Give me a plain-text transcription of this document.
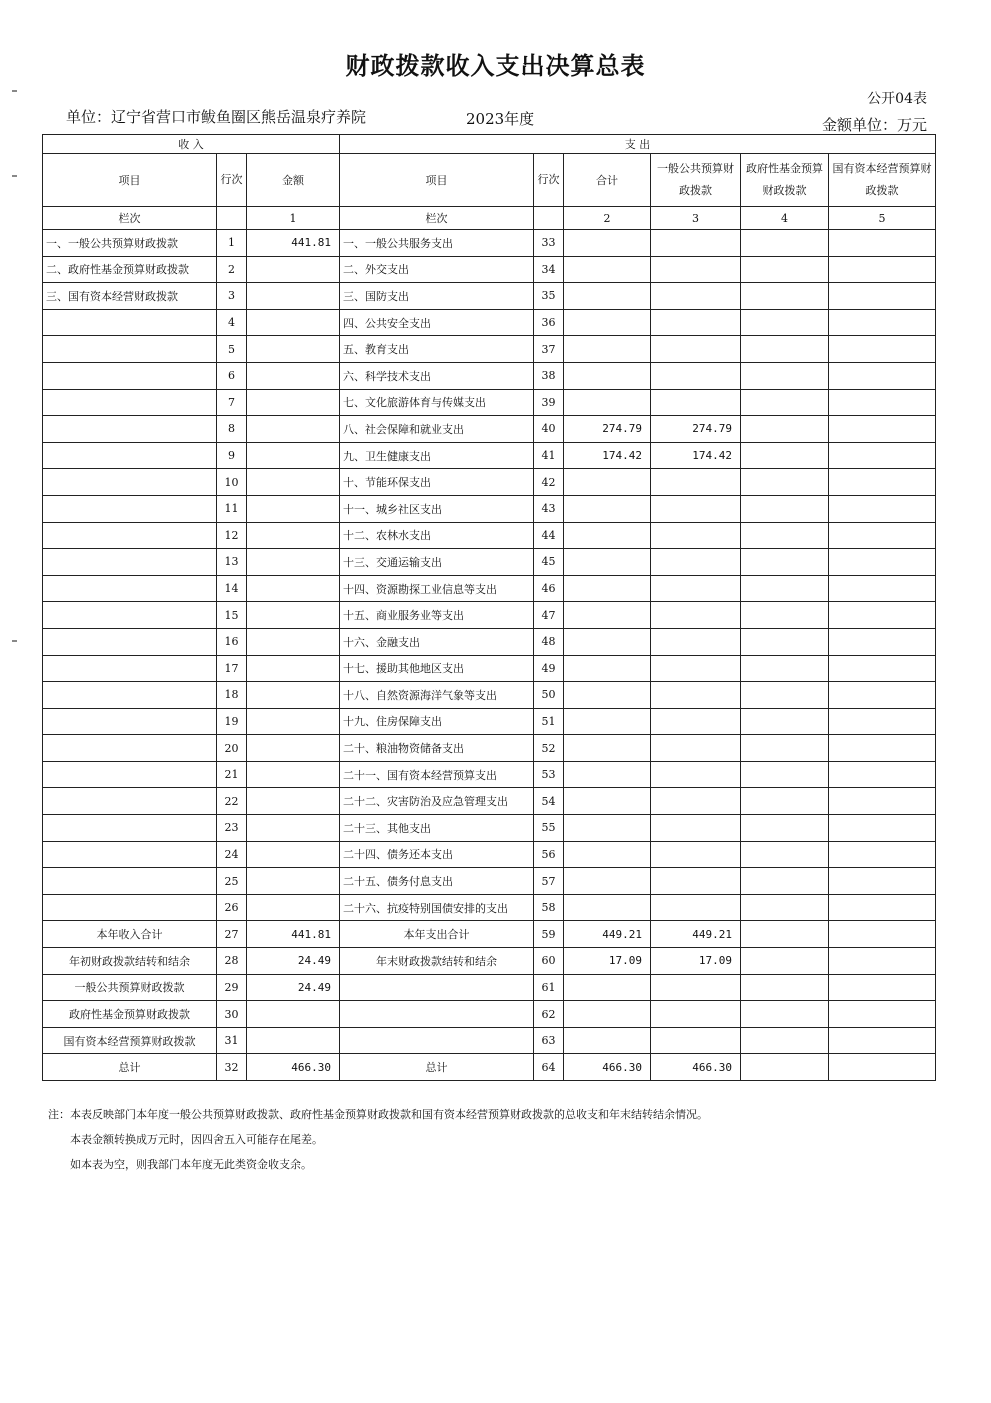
财政拨款收入支出决算总表
公开04表
单位：辽宁省营口市鲅鱼圈区熊岳温泉疗养院	2023年度	金额单位：万元
收 入			支 出					
项目	行次	金额	项目	行次	合计	一般公共预算财政拨款	政府性基金预算财政拨款	国有资本经营预算财政拨款
栏次		1	栏次		2	3	4	5
一、一般公共预算财政拨款	1	441.81	一、一般公共服务支出	33				
二、政府性基金预算财政拨款	2		二、外交支出	34				
三、国有资本经营财政拨款	3		三、国防支出	35				
	4		四、公共安全支出	36				
	5		五、教育支出	37				
	6		六、科学技术支出	38				
	7		七、文化旅游体育与传媒支出	39				
	8		八、社会保障和就业支出	40	274.79	274.79		
	9		九、卫生健康支出	41	174.42	174.42		
	10		十、节能环保支出	42				
	11		十一、城乡社区支出	43				
	12		十二、农林水支出	44				
	13		十三、交通运输支出	45				
	14		十四、资源勘探工业信息等支出	46				
	15		十五、商业服务业等支出	47				
	16		十六、金融支出	48				
	17		十七、援助其他地区支出	49				
	18		十八、自然资源海洋气象等支出	50				
	19		十九、住房保障支出	51				
	20		二十、粮油物资储备支出	52				
	21		二十一、国有资本经营预算支出	53				
	22		二十二、灾害防治及应急管理支出	54				
	23		二十三、其他支出	55				
	24		二十四、债务还本支出	56				
	25		二十五、债务付息支出	57				
	26		二十六、抗疫特别国债安排的支出	58				
本年收入合计	27	441.81	本年支出合计	59	449.21	449.21		
年初财政拨款结转和结余	28	24.49	年末财政拨款结转和结余	60	17.09	17.09		
一般公共预算财政拨款	29	24.49		61				
政府性基金预算财政拨款	30			62				
国有资本经营预算财政拨款	31			63				
总计	32	466.30	总计	64	466.30	466.30		
注：本表反映部门本年度一般公共预算财政拨款、政府性基金预算财政拨款和国有资本经营预算财政拨款的总收支和年末结转结余情况。
本表金额转换成万元时，因四舍五入可能存在尾差。
如本表为空，则我部门本年度无此类资金收支余。
